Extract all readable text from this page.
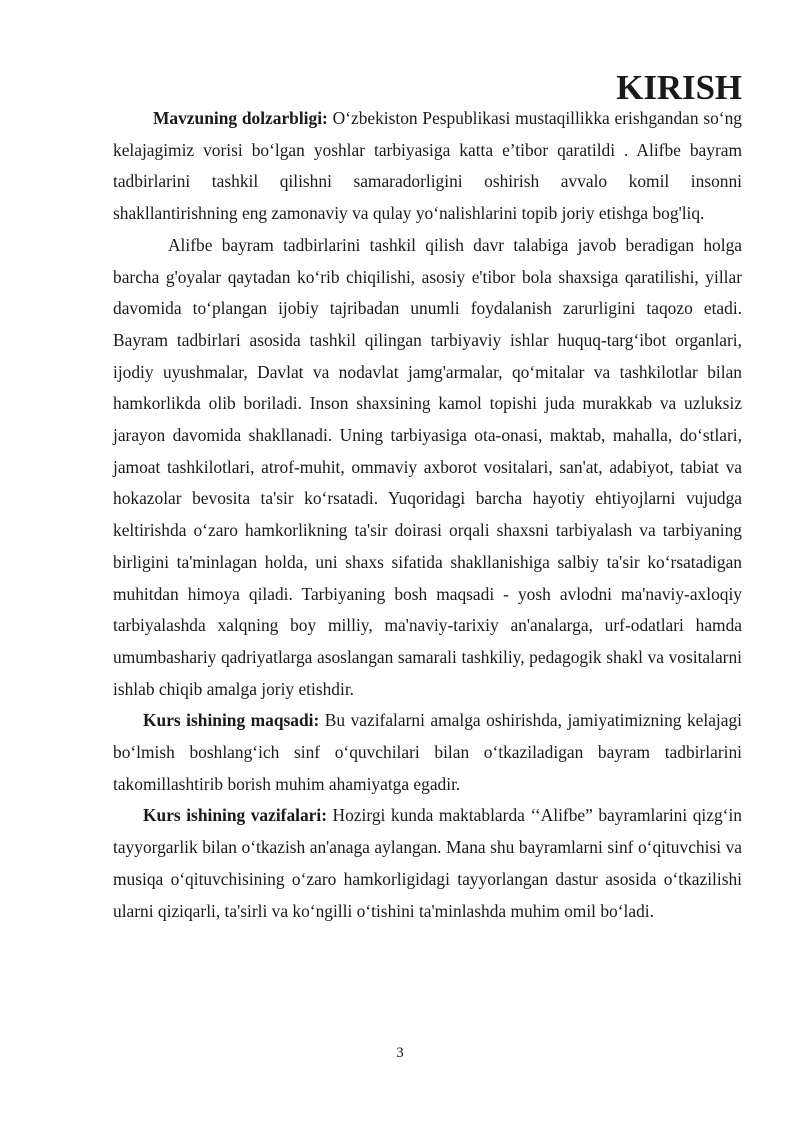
KIRISH

Mavzuning dolzarbligi: O‘zbekiston Pespublikasi mustaqillikka erishgandan so‘ng kelajagimiz vorisi bo‘lgan yoshlar tarbiyasiga katta e’tibor qaratildi . Alifbe bayram tadbirlarini tashkil qilishni samaradorligini oshirish avvalo komil insonni shakllantirishning eng zamonaviy va qulay yo‘nalishlarini topib joriy etishga bog'liq.

Alifbe bayram tadbirlarini tashkil qilish davr talabiga javob beradigan holga barcha g'oyalar qaytadan ko‘rib chiqilishi, asosiy e'tibor bola shaxsiga qaratilishi, yillar davomida to‘plangan ijobiy tajribadan unumli foydalanish zarurligini taqozo etadi. Bayram tadbirlari asosida tashkil qilingan tarbiyaviy ishlar huquq-targ‘ibot organlari, ijodiy uyushmalar, Davlat va nodavlat jamg'armalar, qo‘mitalar va tashkilotlar bilan hamkorlikda olib boriladi. Inson shaxsining kamol topishi juda murakkab va uzluksiz jarayon davomida shakllanadi. Uning tarbiyasiga ota-onasi, maktab, mahalla, do‘stlari, jamoat tashkilotlari, atrof-muhit, ommaviy axborot vositalari, san'at, adabiyot, tabiat va hokazolar bevosita ta'sir ko‘rsatadi. Yuqoridagi barcha hayotiy ehtiyojlarni vujudga keltirishda o‘zaro hamkorlikning ta'sir doirasi orqali shaxsni tarbiyalash va tarbiyaning birligini ta'minlagan holda, uni shaxs sifatida shakllanishiga salbiy ta'sir ko‘rsatadigan muhitdan himoya qiladi. Tarbiyaning bosh maqsadi - yosh avlodni ma'naviy-axloqiy tarbiyalashda xalqning boy milliy, ma'naviy-tarixiy an'analarga, urf-odatlari hamda umumbashariy qadriyatlarga asoslangan samarali tashkiliy, pedagogik shakl va vositalarni ishlab chiqib amalga joriy etishdir.

Kurs ishining maqsadi: Bu vazifalarni amalga oshirishda, jamiyatimizning kelajagi bo‘lmish boshlang‘ich sinf o‘quvchilari bilan o‘tkaziladigan bayram tadbirlarini takomillashtirib borish muhim ahamiyatga egadir.

Kurs ishining vazifalari: Hozirgi kunda maktablarda ‘‘Alifbe” bayramlarini qizg‘in tayyorgarlik bilan o‘tkazish an'anaga aylangan. Mana shu bayramlarni sinf o‘qituvchisi va musiqa o‘qituvchisining o‘zaro hamkorligidagi tayyorlangan dastur asosida o‘tkazilishi ularni qiziqarli, ta'sirli va ko‘ngilli o‘tishini ta'minlashda muhim omil bo‘ladi.

3
